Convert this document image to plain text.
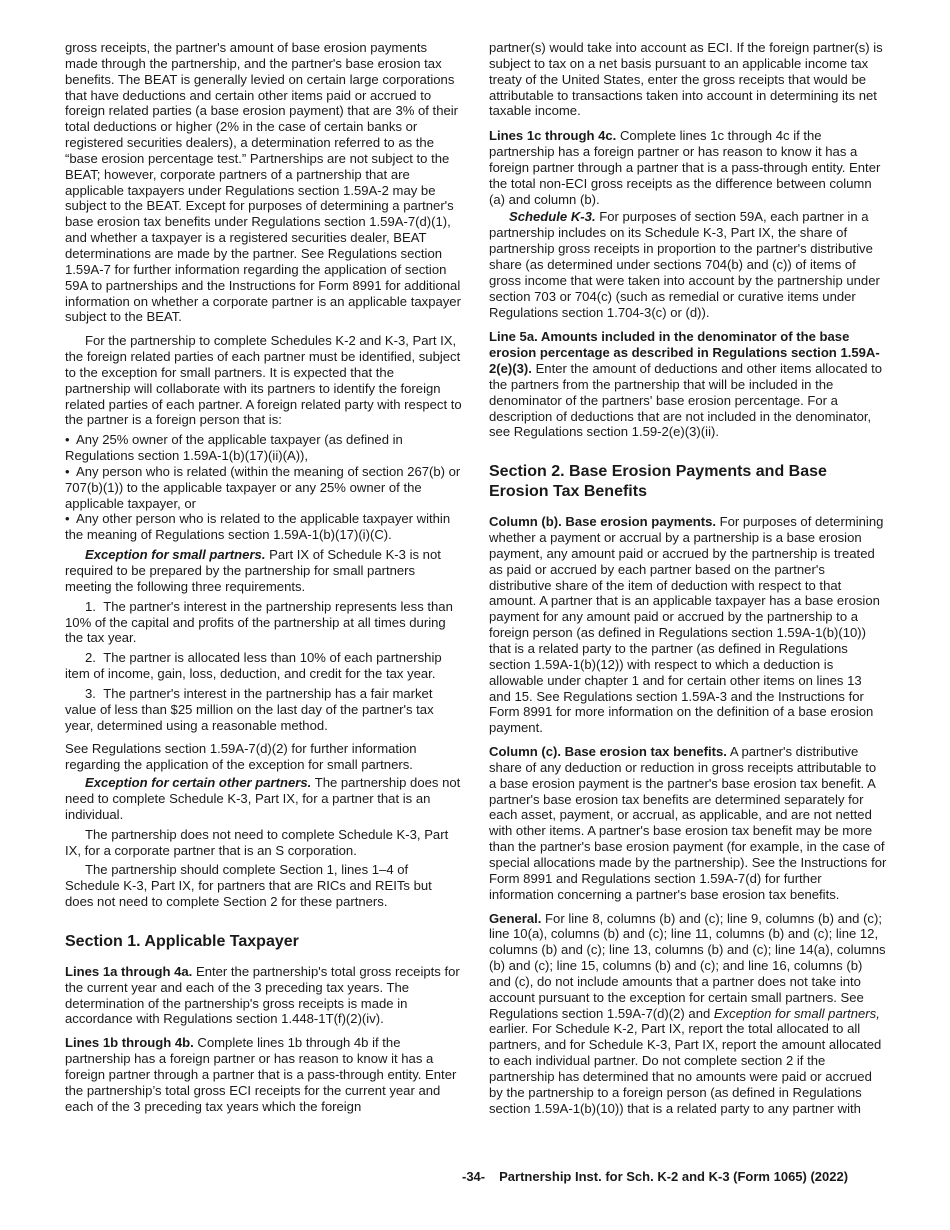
gross receipts, the partner's amount of base erosion payments made through the partnership, and the partner's base erosion tax benefits. The BEAT is generally levied on certain large corporations that have deductions and certain other items paid or accrued to foreign related parties (a base erosion payment) that are 3% of their total deductions or higher (2% in the case of certain banks or registered securities dealers), a determination referred to as the “base erosion percentage test.” Partnerships are not subject to the BEAT; however, corporate partners of a partnership that are applicable taxpayers under Regulations section 1.59A-2 may be subject to the BEAT. Except for purposes of determining a partner's base erosion tax benefits under Regulations section 1.59A-7(d)(1), and whether a taxpayer is a registered securities dealer, BEAT determinations are made by the partner. See Regulations section 1.59A-7 for further information regarding the application of section 59A to partnerships and the Instructions for Form 8991 for additional information on whether a corporate partner is an applicable taxpayer subject to the BEAT.

For the partnership to complete Schedules K-2 and K-3, Part IX, the foreign related parties of each partner must be identified, subject to the exception for small partners. It is expected that the partnership will collaborate with its partners to identify the foreign related parties of each partner. A foreign related party with respect to the partner is a foreign person that is:

• Any 25% owner of the applicable taxpayer (as defined in Regulations section 1.59A-1(b)(17)(ii)(A)),

• Any person who is related (within the meaning of section 267(b) or 707(b)(1)) to the applicable taxpayer or any 25% owner of the applicable taxpayer, or

• Any other person who is related to the applicable taxpayer within the meaning of Regulations section 1.59A-1(b)(17)(i)(C).

Exception for small partners. Part IX of Schedule K-3 is not required to be prepared by the partnership for small partners meeting the following three requirements.

1.  The partner's interest in the partnership represents less than 10% of the capital and profits of the partnership at all times during the tax year.

2.  The partner is allocated less than 10% of each partnership item of income, gain, loss, deduction, and credit for the tax year.

3.  The partner's interest in the partnership has a fair market value of less than $25 million on the last day of the partner's tax year, determined using a reasonable method.

See Regulations section 1.59A-7(d)(2) for further information regarding the application of the exception for small partners.

Exception for certain other partners. The partnership does not need to complete Schedule K-3, Part IX, for a partner that is an individual.

The partnership does not need to complete Schedule K-3, Part IX, for a corporate partner that is an S corporation.

The partnership should complete Section 1, lines 1–4 of Schedule K-3, Part IX, for partners that are RICs and REITs but does not need to complete Section 2 for these partners.

Section 1. Applicable Taxpayer

Lines 1a through 4a. Enter the partnership's total gross receipts for the current year and each of the 3 preceding tax years. The determination of the partnership's gross receipts is made in accordance with Regulations section 1.448-1T(f)(2)(iv).

Lines 1b through 4b. Complete lines 1b through 4b if the partnership has a foreign partner or has reason to know it has a foreign partner through a partner that is a pass-through entity. Enter the partnership’s total gross ECI receipts for the current year and each of the 3 preceding tax years which the foreign

partner(s) would take into account as ECI. If the foreign partner(s) is subject to tax on a net basis pursuant to an applicable income tax treaty of the United States, enter the gross receipts that would be attributable to transactions taken into account in determining its net taxable income.

Lines 1c through 4c. Complete lines 1c through 4c if the partnership has a foreign partner or has reason to know it has a foreign partner through a partner that is a pass-through entity. Enter the total non-ECI gross receipts as the difference between column (a) and column (b).

Schedule K-3. For purposes of section 59A, each partner in a partnership includes on its Schedule K-3, Part IX, the share of partnership gross receipts in proportion to the partner's distributive share (as determined under sections 704(b) and (c)) of items of gross income that were taken into account by the partnership under section 703 or 704(c) (such as remedial or curative items under Regulations section 1.704-3(c) or (d)).

Line 5a. Amounts included in the denominator of the base erosion percentage as described in Regulations section 1.59A-2(e)(3). Enter the amount of deductions and other items allocated to the partners from the partnership that will be included in the denominator of the partners' base erosion percentage. For a description of deductions that are not included in the denominator, see Regulations section 1.59-2(e)(3)(ii).

Section 2. Base Erosion Payments and Base Erosion Tax Benefits

Column (b). Base erosion payments. For purposes of determining whether a payment or accrual by a partnership is a base erosion payment, any amount paid or accrued by the partnership is treated as paid or accrued by each partner based on the partner's distributive share of the item of deduction with respect to that amount. A partner that is an applicable taxpayer has a base erosion payment for any amount paid or accrued by the partnership to a foreign person (as defined in Regulations section 1.59A-1(b)(10)) that is a related party to the partner (as defined in Regulations section 1.59A-1(b)(12)) with respect to which a deduction is allowable under chapter 1 and for certain other items on lines 13 and 15. See Regulations section 1.59A-3 and the Instructions for Form 8991 for more information on the definition of a base erosion payment.

Column (c). Base erosion tax benefits. A partner's distributive share of any deduction or reduction in gross receipts attributable to a base erosion payment is the partner's base erosion tax benefit. A partner's base erosion tax benefits are determined separately for each asset, payment, or accrual, as applicable, and are not netted with other items. A partner's base erosion tax benefit may be more than the partner's base erosion payment (for example, in the case of special allocations made by the partnership). See the Instructions for Form 8991 and Regulations section 1.59A-7(d) for further information concerning a partner's base erosion tax benefits.

General. For line 8, columns (b) and (c); line 9, columns (b) and (c); line 10(a), columns (b) and (c); line 11, columns (b) and (c); line 12, columns (b) and (c); line 13, columns (b) and (c); line 14(a), columns (b) and (c); line 15, columns (b) and (c); and line 16, columns (b) and (c), do not include amounts that a partner does not take into account pursuant to the exception for certain small partners. See Regulations section 1.59A-7(d)(2) and Exception for small partners, earlier. For Schedule K-2, Part IX, report the total allocated to all partners, and for Schedule K-3, Part IX, report the amount allocated to each individual partner. Do not complete section 2 if the partnership has determined that no amounts were paid or accrued by the partnership to a foreign person (as defined in Regulations section 1.59A-1(b)(10)) that is a related party to any partner with

-34- Partnership Inst. for Sch. K-2 and K-3 (Form 1065) (2022)
